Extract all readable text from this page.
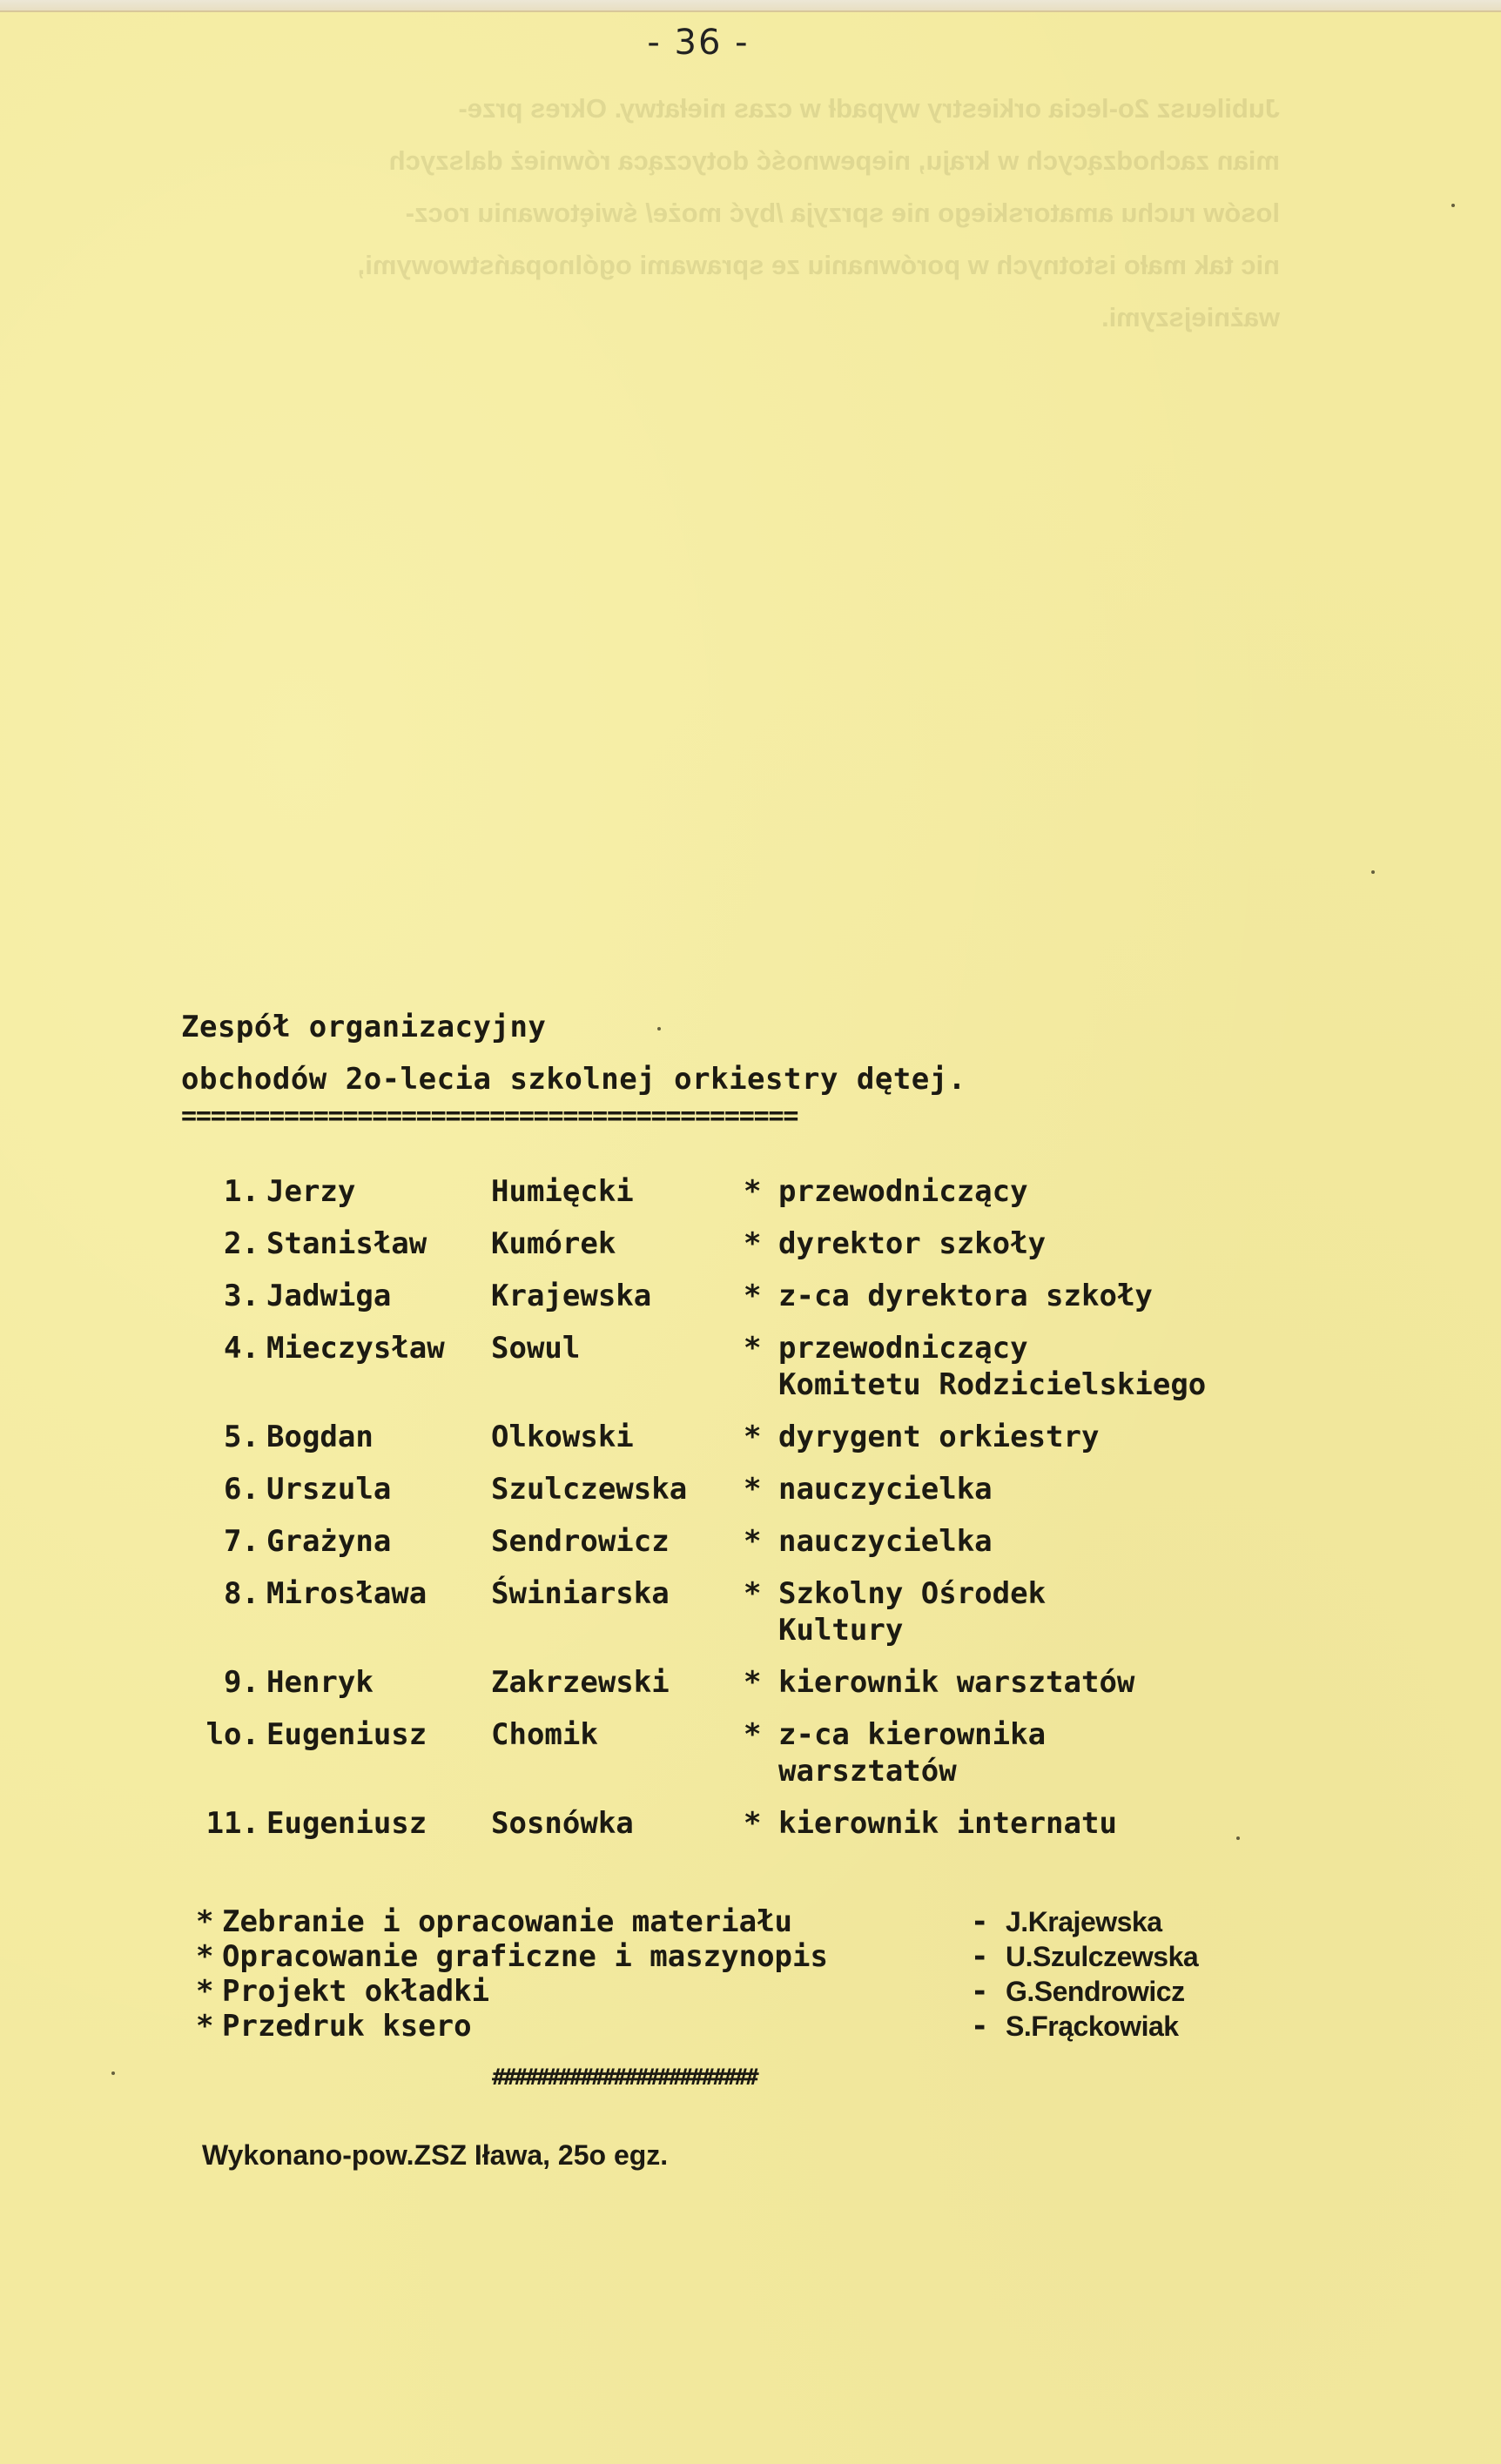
Jubileusz 2o-lecia orkiestry wypadł w czas niełatwy. Okres prze-
mian zachodzących w kraju, niepewność dotycząca również dalszych
losów ruchu amatorskiego nie sprzyja /być może/ świętowaniu rocz-
nic tak mało istotnych w porównaniu ze sprawami ogólnopaństwowymi,
ważniejszymi.
- 36 -
Zespół organizacyjny
obchodów 2o-lecia szkolnej orkiestry dętej.
==========================================
1. Jerzy	Humięcki	* przewodniczący
2. Stanisław	Kumórek	* dyrektor szkoły
3. Jadwiga	Krajewska	* z-ca dyrektora szkoły
4. Mieczysław	Sowul	* przewodniczący
Komitetu Rodzicielskiego
5. Bogdan	Olkowski	* dyrygent orkiestry
6. Urszula	Szulczewska	* nauczycielka
7. Grażyna	Sendrowicz	* nauczycielka
8. Mirosława	Świniarska	* Szkolny Ośrodek
Kultury
9. Henryk	Zakrzewski	* kierownik warsztatów
lo. Eugeniusz	Chomik	* z-ca kierownika warsztatów
11. Eugeniusz	Sosnówka	* kierownik internatu
* Zebranie i opracowanie materiału	- J.Krajewska
* Opracowanie graficzne i maszynopis	- U.Szulczewska
* Projekt okładki	- G.Sendrowicz
* Przedruk ksero	- S.Frąckowiak
########################
Wykonano-pow.ZSZ Iława, 25o egz.
